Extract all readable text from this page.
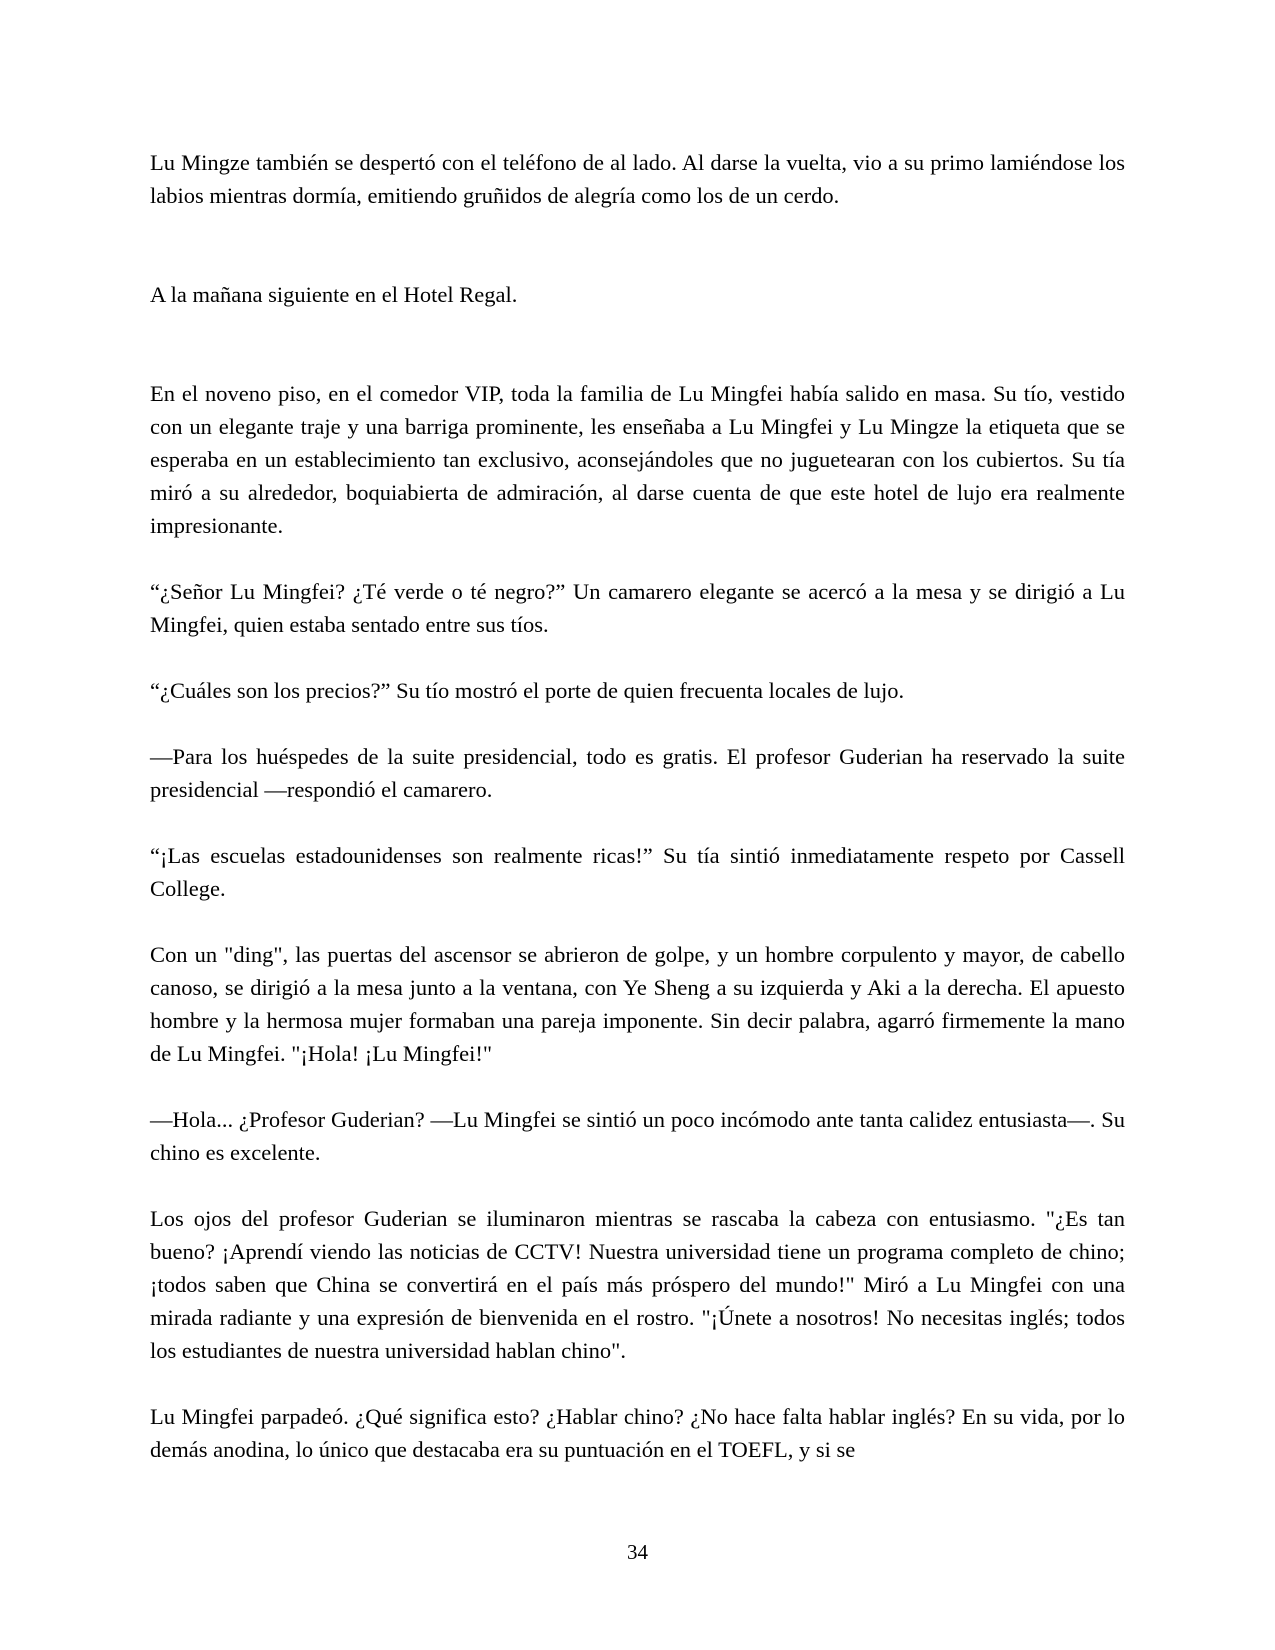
Lu Mingze también se despertó con el teléfono de al lado. Al darse la vuelta, vio a su primo lamiéndose los labios mientras dormía, emitiendo gruñidos de alegría como los de un cerdo.

A la mañana siguiente en el Hotel Regal.

En el noveno piso, en el comedor VIP, toda la familia de Lu Mingfei había salido en masa. Su tío, vestido con un elegante traje y una barriga prominente, les enseñaba a Lu Mingfei y Lu Mingze la etiqueta que se esperaba en un establecimiento tan exclusivo, aconsejándoles que no juguetearan con los cubiertos. Su tía miró a su alrededor, boquiabierta de admiración, al darse cuenta de que este hotel de lujo era realmente impresionante.

“¿Señor Lu Mingfei? ¿Té verde o té negro?” Un camarero elegante se acercó a la mesa y se dirigió a Lu Mingfei, quien estaba sentado entre sus tíos.

“¿Cuáles son los precios?” Su tío mostró el porte de quien frecuenta locales de lujo.

—Para los huéspedes de la suite presidencial, todo es gratis. El profesor Guderian ha reservado la suite presidencial —respondió el camarero.

“¡Las escuelas estadounidenses son realmente ricas!” Su tía sintió inmediatamente respeto por Cassell College.

Con un "ding", las puertas del ascensor se abrieron de golpe, y un hombre corpulento y mayor, de cabello canoso, se dirigió a la mesa junto a la ventana, con Ye Sheng a su izquierda y Aki a la derecha. El apuesto hombre y la hermosa mujer formaban una pareja imponente. Sin decir palabra, agarró firmemente la mano de Lu Mingfei. "¡Hola! ¡Lu Mingfei!"

—Hola... ¿Profesor Guderian? —Lu Mingfei se sintió un poco incómodo ante tanta calidez entusiasta—. Su chino es excelente.

Los ojos del profesor Guderian se iluminaron mientras se rascaba la cabeza con entusiasmo. "¿Es tan bueno? ¡Aprendí viendo las noticias de CCTV! Nuestra universidad tiene un programa completo de chino; ¡todos saben que China se convertirá en el país más próspero del mundo!" Miró a Lu Mingfei con una mirada radiante y una expresión de bienvenida en el rostro. "¡Únete a nosotros! No necesitas inglés; todos los estudiantes de nuestra universidad hablan chino".

Lu Mingfei parpadeó. ¿Qué significa esto? ¿Hablar chino? ¿No hace falta hablar inglés? En su vida, por lo demás anodina, lo único que destacaba era su puntuación en el TOEFL, y si se

34
